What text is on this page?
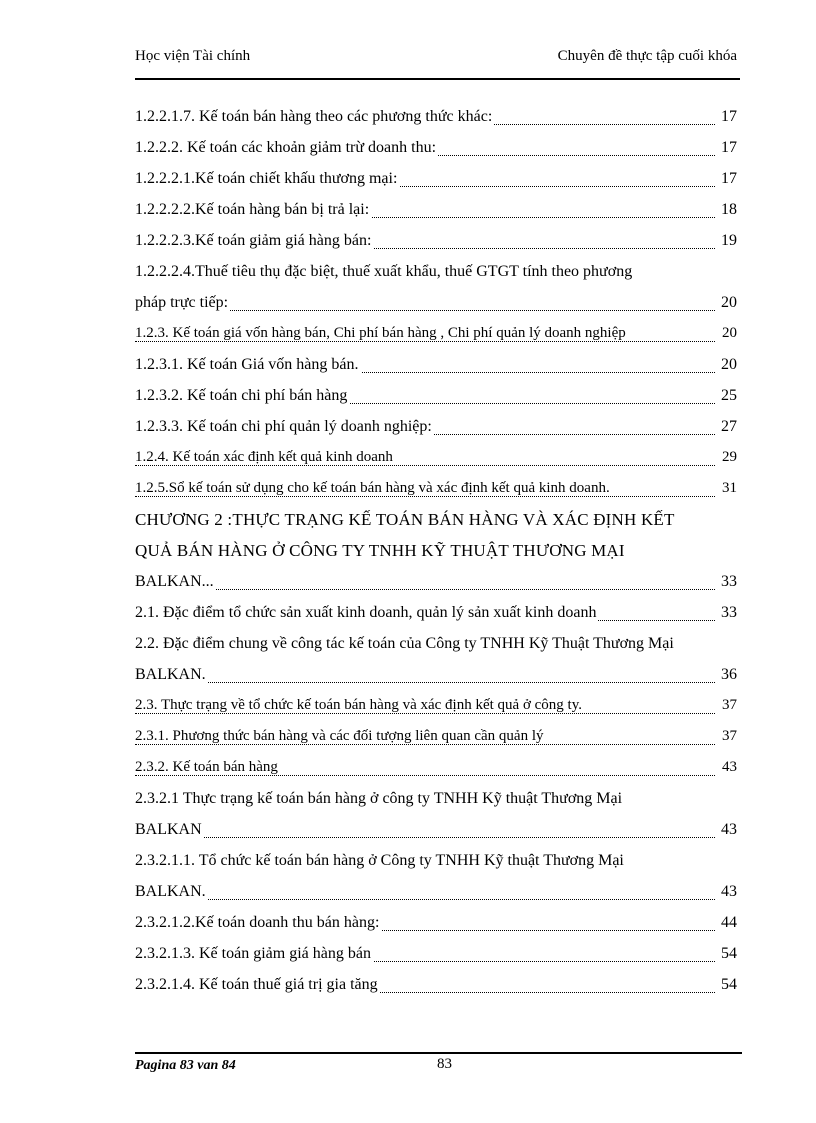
Học viện Tài chính	Chuyên đề thực tập cuối khóa
1.2.2.1.7. Kế toán bán hàng theo các phương thức khác:	17
1.2.2.2. Kế toán các khoản giảm trừ doanh thu:	17
1.2.2.2.1.Kế toán chiết khấu thương mại:	17
1.2.2.2.2.Kế toán hàng bán bị trả lại:	18
1.2.2.2.3.Kế toán giảm giá hàng bán:	19
1.2.2.2.4.Thuế tiêu thụ đặc biệt, thuế xuất khẩu, thuế GTGT tính theo phương
pháp trực tiếp:	20
1.2.3. Kế toán giá vốn hàng bán, Chi phí bán hàng , Chi phí quản lý doanh nghiệp	20
1.2.3.1. Kế toán Giá vốn hàng bán.	20
1.2.3.2. Kế toán chi phí bán hàng	25
1.2.3.3. Kế toán chi phí quản lý doanh nghiệp:	27
1.2.4. Kế toán xác định kết quả kinh doanh	29
1.2.5.Sổ kế toán sử dụng cho kế toán bán hàng và xác định kết quả kinh doanh.	31
CHƯƠNG 2 :THỰC TRẠNG KẾ TOÁN BÁN HÀNG VÀ XÁC ĐỊNH KẾT
QUẢ BÁN HÀNG Ở CÔNG TY TNHH KỸ THUẬT THƯƠNG MẠI
BALKAN...	33
2.1. Đặc điểm tổ chức sản xuất kinh doanh, quản lý sản xuất kinh doanh	33
2.2. Đặc điểm chung về công tác kế toán của Công ty TNHH Kỹ Thuật Thương Mại
BALKAN.	36
2.3. Thực trạng về tổ chức kế toán bán hàng và xác định kết quả ở công ty.	37
2.3.1. Phương thức bán hàng và các đối tượng liên quan cần quản lý	37
2.3.2. Kế toán bán hàng	43
2.3.2.1 Thực trạng kế toán bán hàng ở công ty TNHH Kỹ thuật Thương Mại
BALKAN	43
2.3.2.1.1. Tổ chức kế toán bán hàng ở Công ty TNHH Kỹ thuật Thương Mại
BALKAN.	43
2.3.2.1.2.Kế toán doanh thu bán hàng:	44
2.3.2.1.3. Kế toán giảm giá hàng bán	54
2.3.2.1.4. Kế toán thuế giá trị gia tăng	54
Pagina 83 van 84	83
